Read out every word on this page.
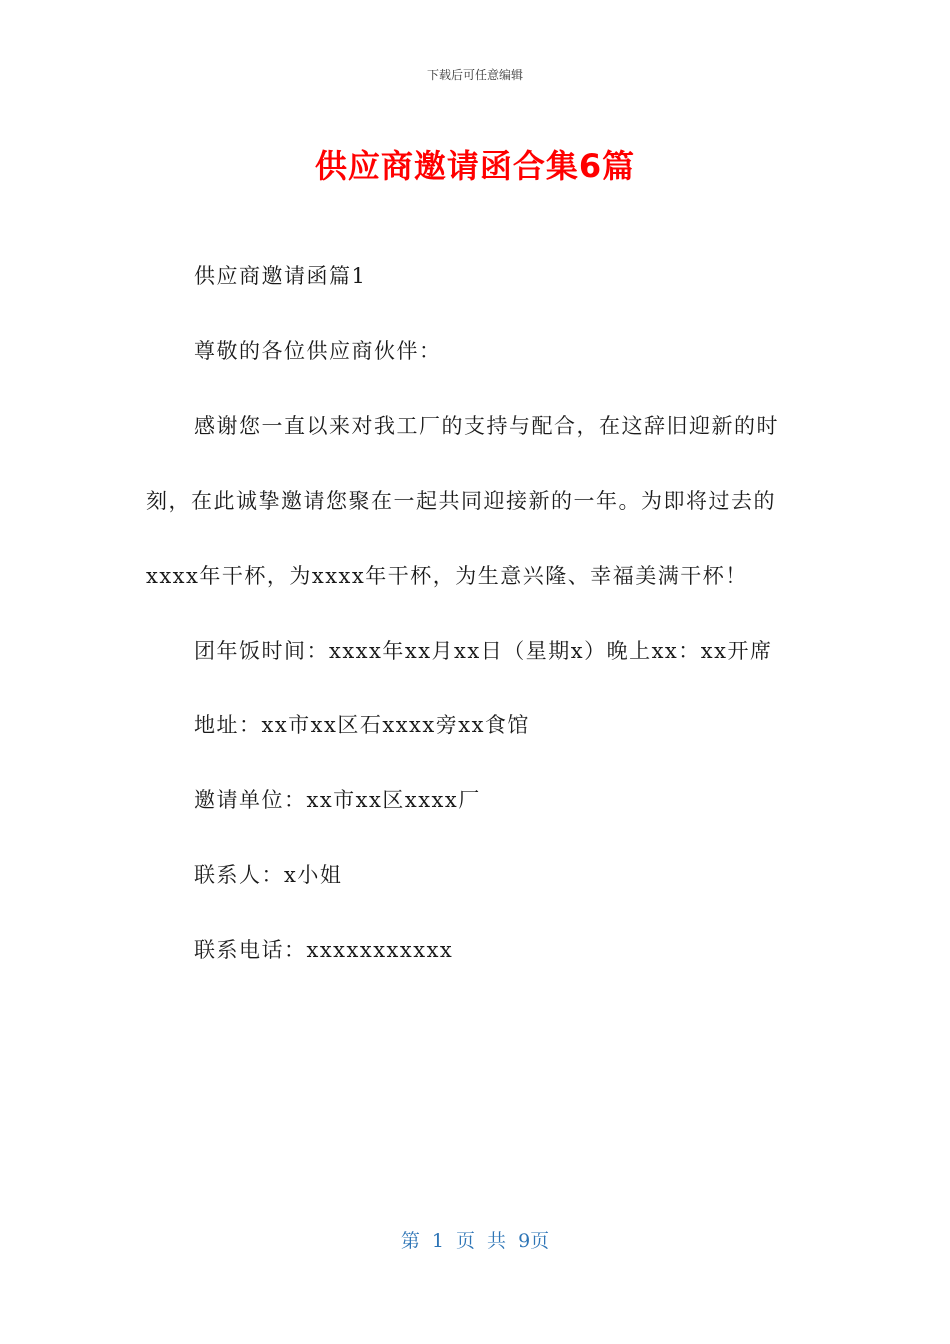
下载后可任意编辑
供应商邀请函合集6篇

供应商邀请函篇1

尊敬的各位供应商伙伴：

感谢您一直以来对我工厂的支持与配合，在这辞旧迎新的时刻，在此诚挚邀请您聚在一起共同迎接新的一年。为即将过去的xxxx年干杯，为xxxx年干杯，为生意兴隆、幸福美满干杯！

团年饭时间：xxxx年xx月xx日（星期x）晚上xx：xx开席

地址：xx市xx区石xxxx旁xx食馆

邀请单位：xx市xx区xxxx厂

联系人：x小姐

联系电话：xxxxxxxxxxx

第 1 页 共 9页
